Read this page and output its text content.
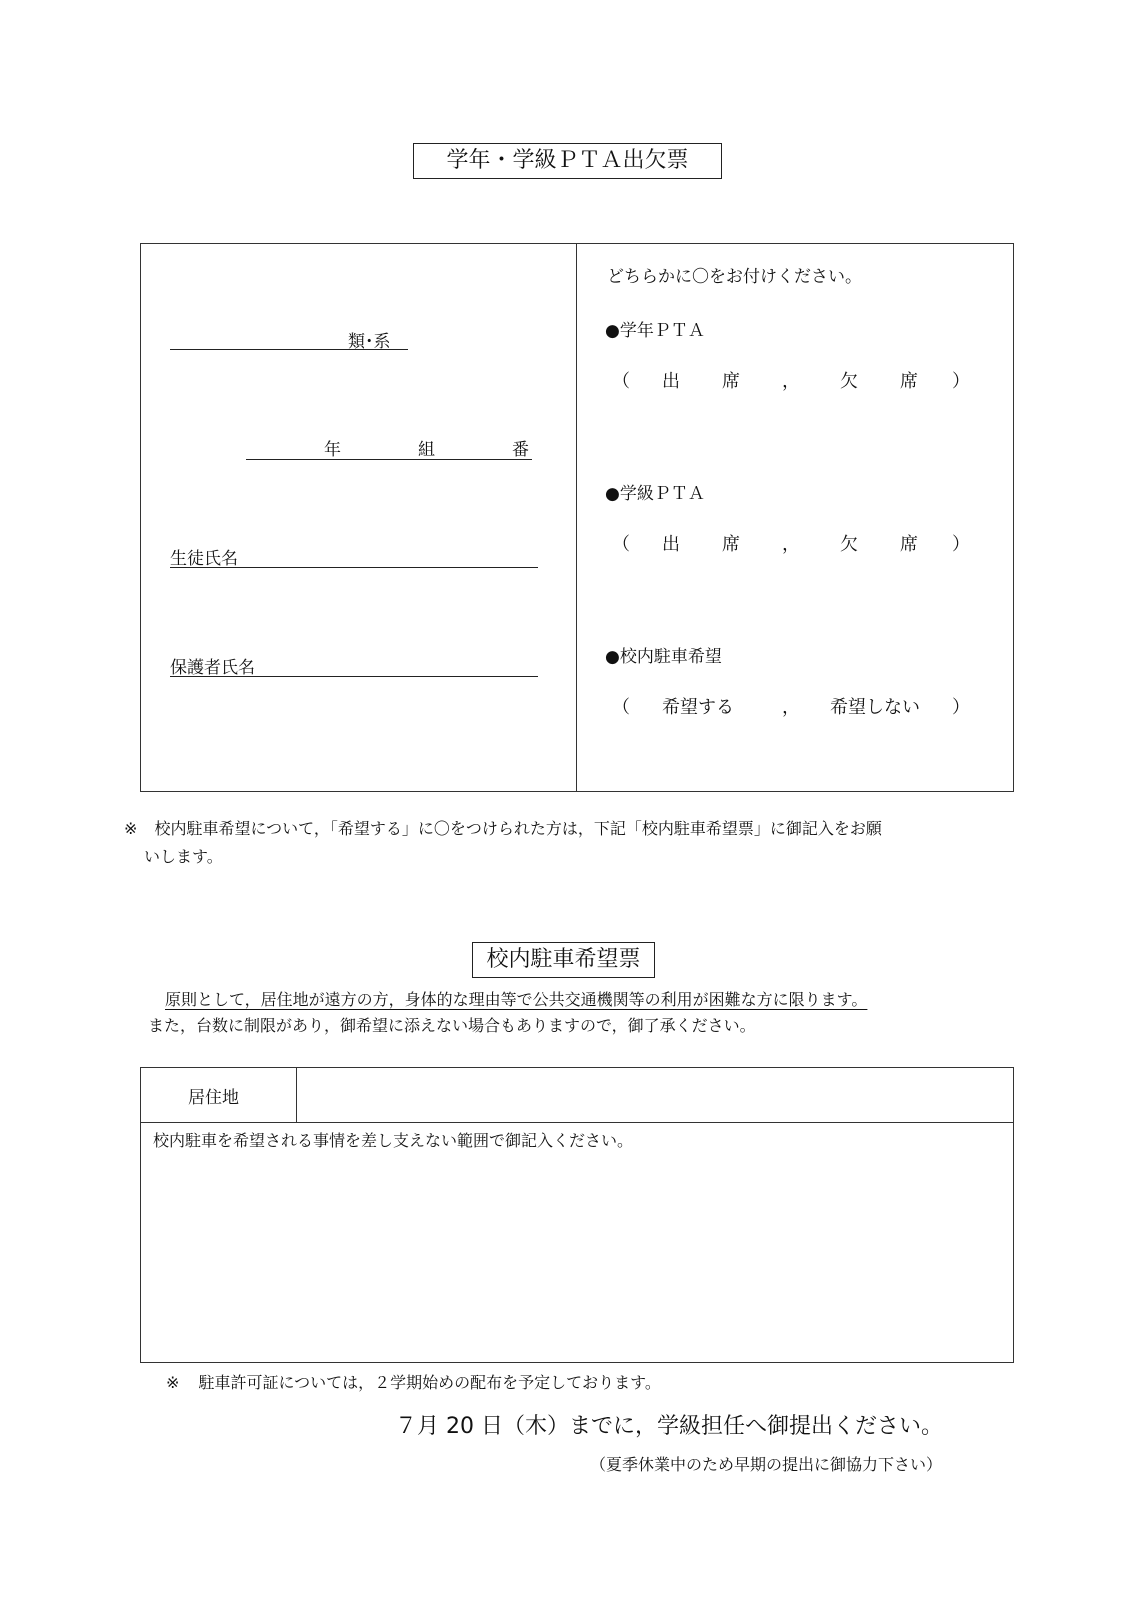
学年・学級ＰＴＡ出欠票
類･系
年	組	番
生徒氏名
保護者氏名
どちらかに〇をお付けください。
●学年ＰＴＡ
（ 出　席 ， 欠　席 ）
●学級ＰＴＡ
（ 出　席 ， 欠　席 ）
●校内駐車希望
（ 希望する	， 希望しない ）
※ 校内駐車希望について，「希望する」に〇をつけられた方は，下記「校内駐車希望票」に御記入をお願
いします。
校内駐車希望票
原則として，居住地が遠方の方，身体的な理由等で公共交通機関等の利用が困難な方に限ります。
また，台数に制限があり，御希望に添えない場合もありますので，御了承ください。
居住地
校内駐車を希望される事情を差し支えない範囲で御記入ください。
※ 駐車許可証については，２学期始めの配布を予定しております。
７月 20 日（木）までに，学級担任へ御提出ください。
（夏季休業中のため早期の提出に御協力下さい）
